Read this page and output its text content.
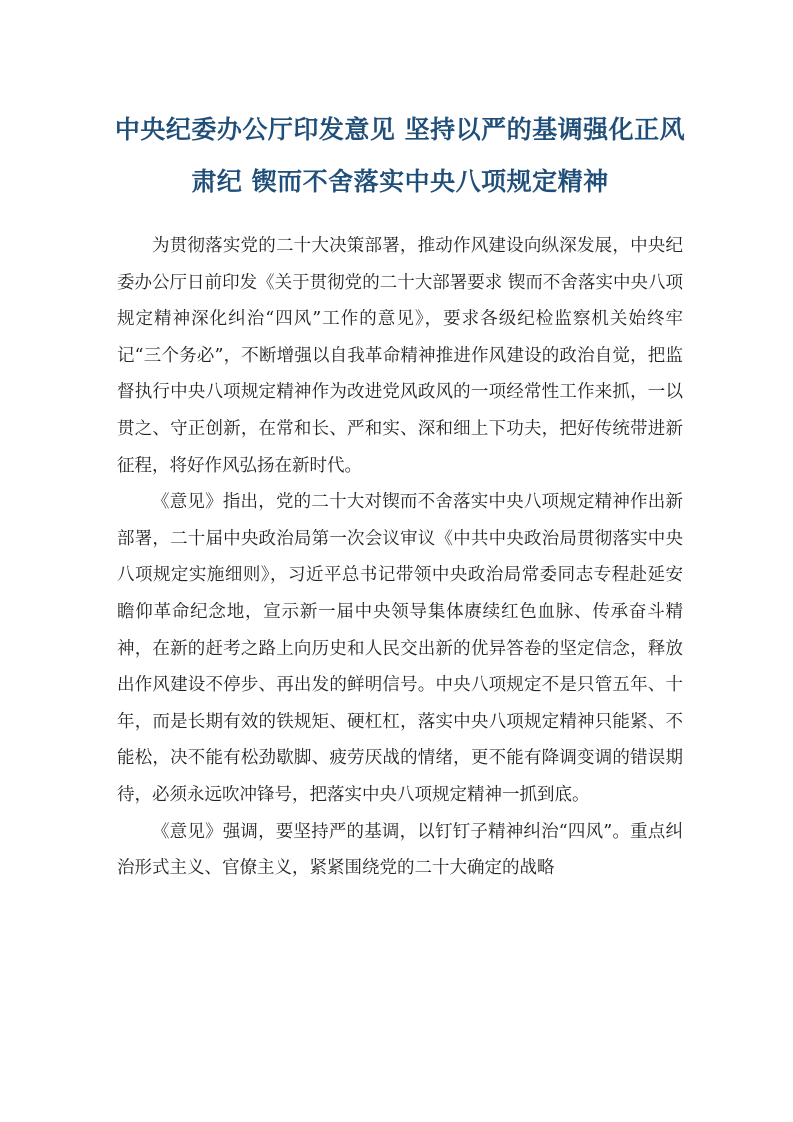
中央纪委办公厅印发意见 坚持以严的基调强化正风
肃纪 锲而不舍落实中央八项规定精神

为贯彻落实党的二十大决策部署，推动作风建设向纵深发展，中央纪委办公厅日前印发《关于贯彻党的二十大部署要求 锲而不舍落实中央八项规定精神深化纠治“四风”工作的意见》，要求各级纪检监察机关始终牢记“三个务必”，不断增强以自我革命精神推进作风建设的政治自觉，把监督执行中央八项规定精神作为改进党风政风的一项经常性工作来抓，一以贯之、守正创新，在常和长、严和实、深和细上下功夫，把好传统带进新征程，将好作风弘扬在新时代。

《意见》指出，党的二十大对锲而不舍落实中央八项规定精神作出新部署，二十届中央政治局第一次会议审议《中共中央政治局贯彻落实中央八项规定实施细则》，习近平总书记带领中央政治局常委同志专程赴延安瞻仰革命纪念地，宣示新一届中央领导集体赓续红色血脉、传承奋斗精神，在新的赶考之路上向历史和人民交出新的优异答卷的坚定信念，释放出作风建设不停步、再出发的鲜明信号。中央八项规定不是只管五年、十年，而是长期有效的铁规矩、硬杠杠，落实中央八项规定精神只能紧、不能松，决不能有松劲歇脚、疲劳厌战的情绪，更不能有降调变调的错误期待，必须永远吹冲锋号，把落实中央八项规定精神一抓到底。

《意见》强调，要坚持严的基调，以钉钉子精神纠治“四风”。重点纠治形式主义、官僚主义，紧紧围绕党的二十大确定的战略
